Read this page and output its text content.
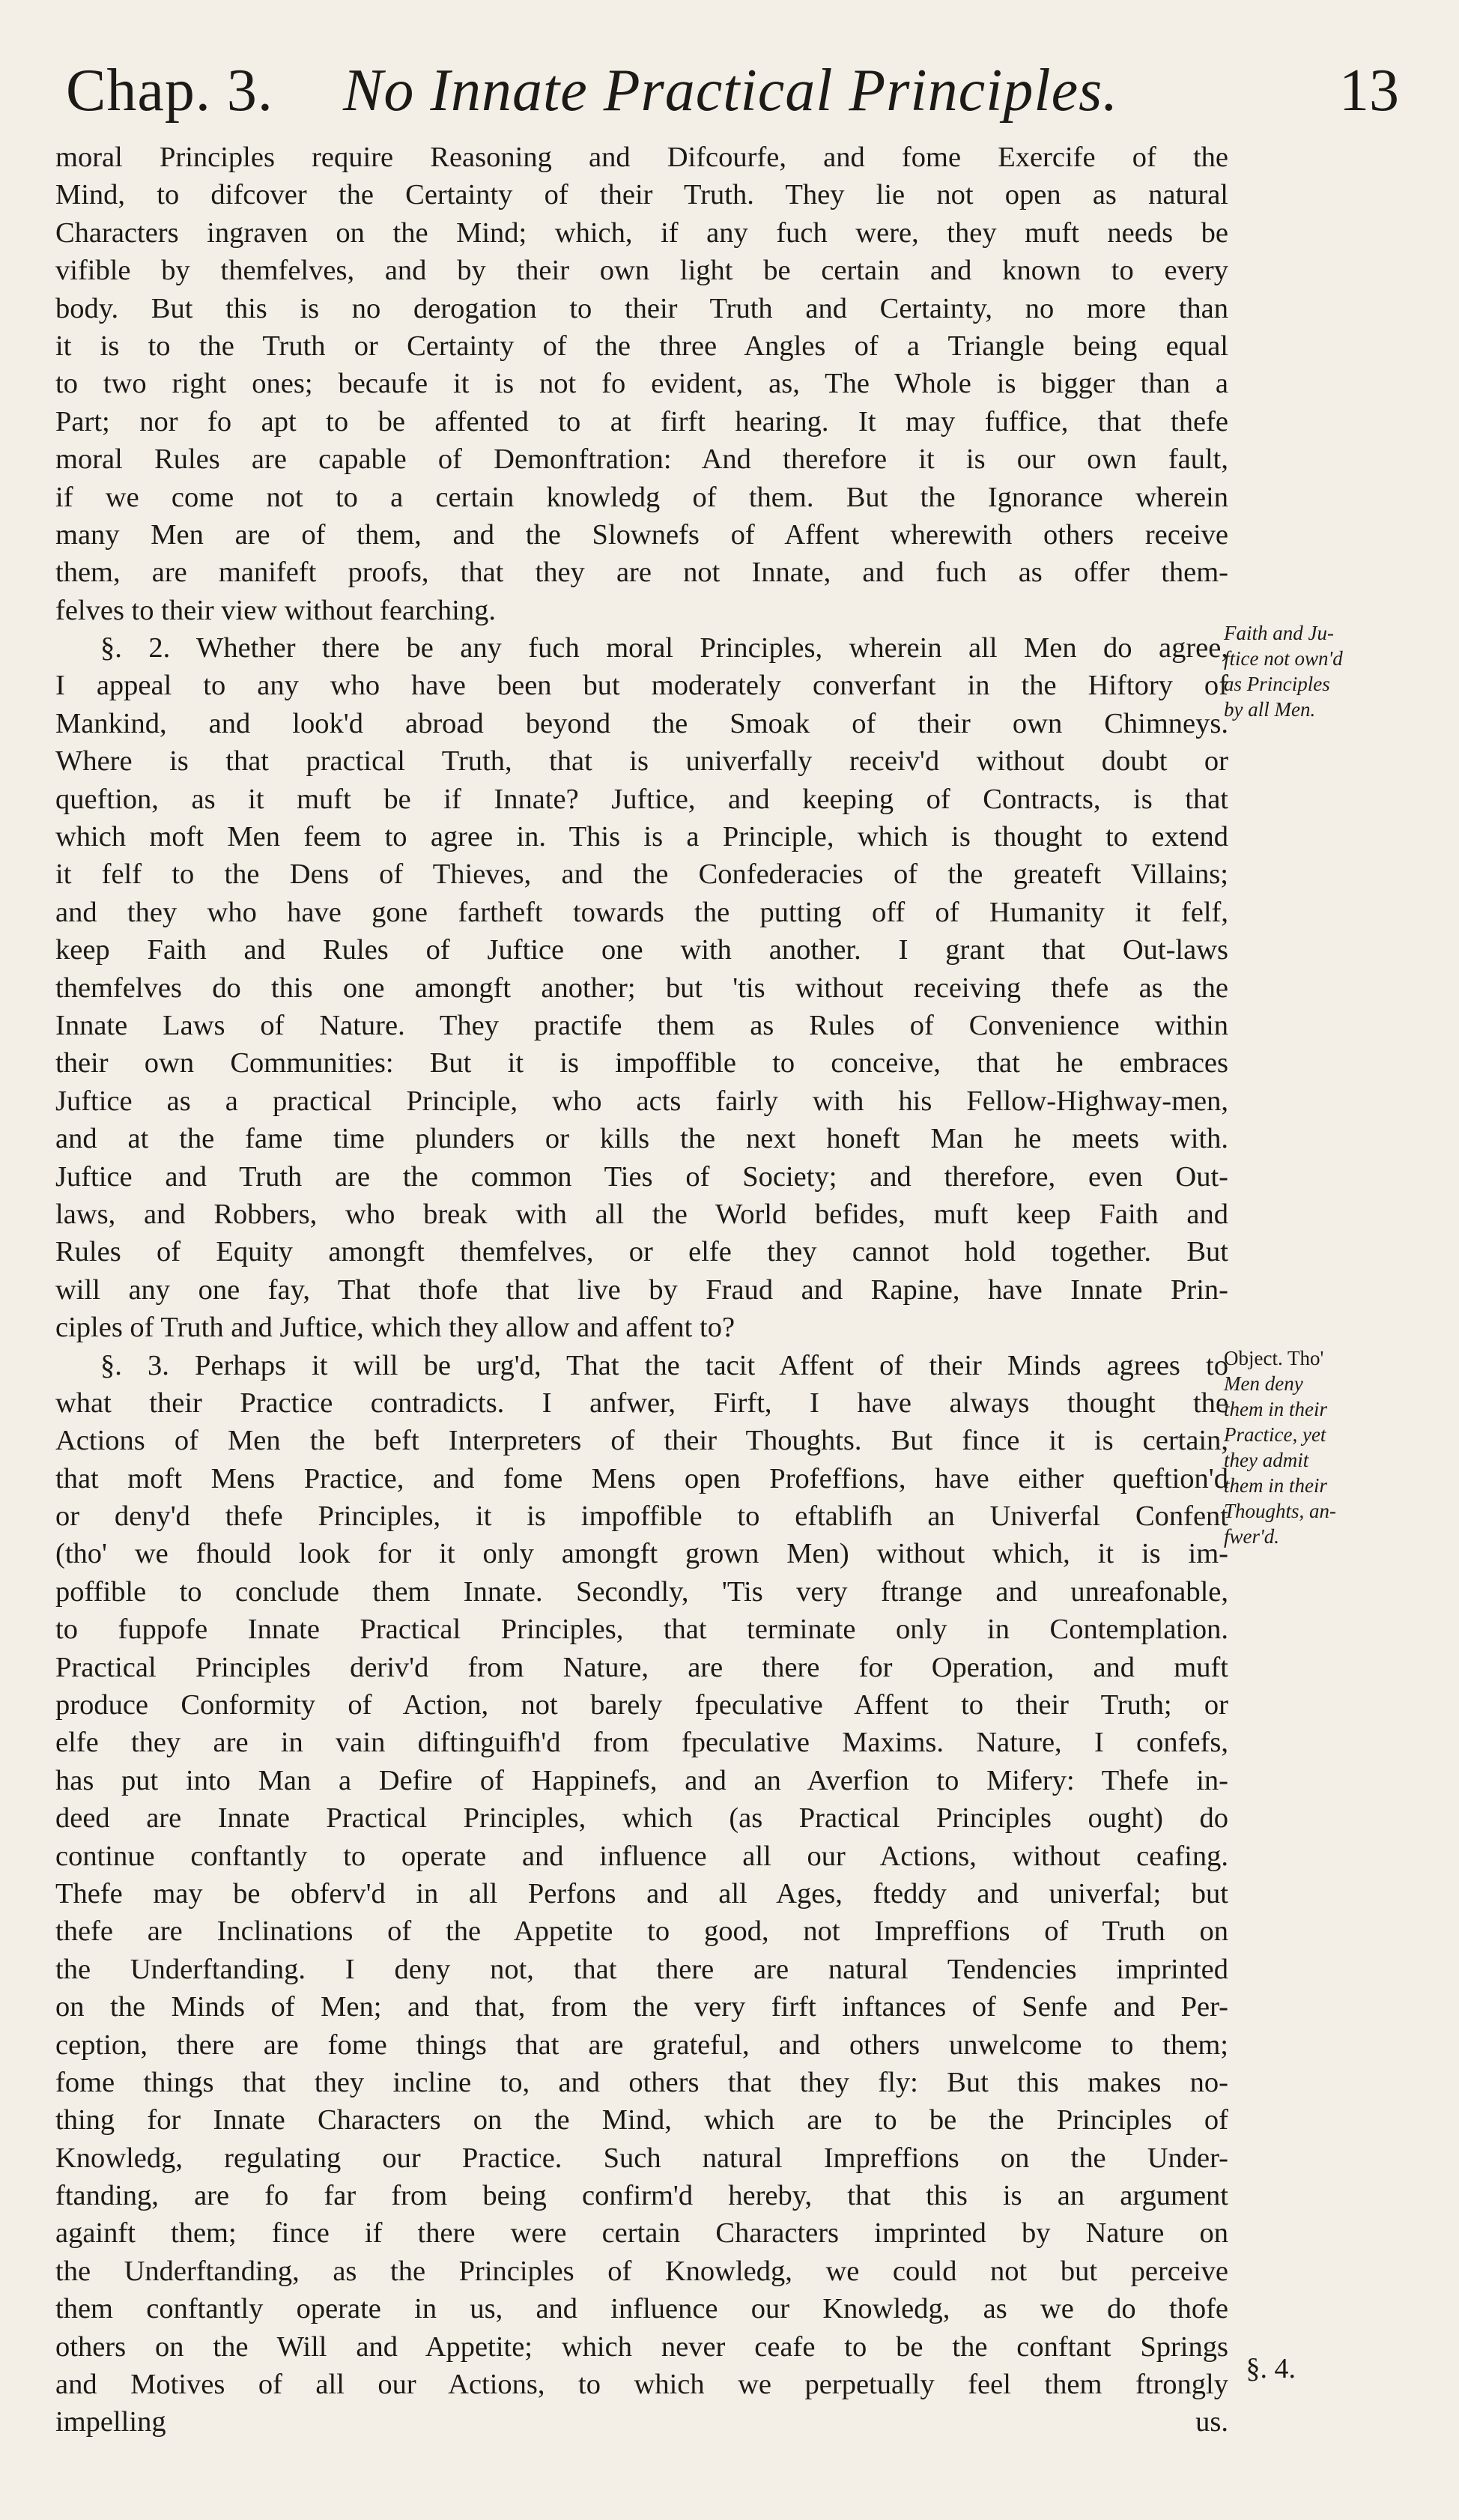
Chap. 3. No Innate Practical Principles.	13
moral Principles require Reasoning and Difcourfe, and fome Exercife of the
Mind, to difcover the Certainty of their Truth. They lie not open as natural
Characters ingraven on the Mind; which, if any fuch were, they muft needs be
vifible by themfelves, and by their own light be certain and known to every
body. But this is no derogation to their Truth and Certainty, no more than
it is to the Truth or Certainty of the three Angles of a Triangle being equal
to two right ones; becaufe it is not fo evident, as, The Whole is bigger than a
Part; nor fo apt to be affented to at firft hearing. It may fuffice, that thefe
moral Rules are capable of Demonftration: And therefore it is our own fault,
if we come not to a certain knowledg of them. But the Ignorance wherein
many Men are of them, and the Slownefs of Affent wherewith others receive
them, are manifeft proofs, that they are not Innate, and fuch as offer them-
felves to their view without fearching.
§. 2. Whether there be any fuch moral Principles, wherein all Men do agree,
I appeal to any who have been but moderately converfant in the Hiftory of
Mankind, and look'd abroad beyond the Smoak of their own Chimneys.
Where is that practical Truth, that is univerfally receiv'd without doubt or
queftion, as it muft be if Innate? Juftice, and keeping of Contracts, is that
which moft Men feem to agree in. This is a Principle, which is thought to extend
it felf to the Dens of Thieves, and the Confederacies of the greateft Villains;
and they who have gone fartheft towards the putting off of Humanity it felf,
keep Faith and Rules of Juftice one with another. I grant that Out-laws
themfelves do this one amongft another; but 'tis without receiving thefe as the
Innate Laws of Nature. They practife them as Rules of Convenience within
their own Communities: But it is impoffible to conceive, that he embraces
Juftice as a practical Principle, who acts fairly with his Fellow-Highway-men,
and at the fame time plunders or kills the next honeft Man he meets with.
Juftice and Truth are the common Ties of Society; and therefore, even Out-
laws, and Robbers, who break with all the World befides, muft keep Faith and
Rules of Equity amongft themfelves, or elfe they cannot hold together. But
will any one fay, That thofe that live by Fraud and Rapine, have Innate Prin-
ciples of Truth and Juftice, which they allow and affent to?
§. 3. Perhaps it will be urg'd, That the tacit Affent of their Minds agrees to
what their Practice contradicts. I anfwer, Firft, I have always thought the
Actions of Men the beft Interpreters of their Thoughts. But fince it is certain,
that moft Mens Practice, and fome Mens open Profeffions, have either queftion'd
or deny'd thefe Principles, it is impoffible to eftablifh an Univerfal Confent
(tho' we fhould look for it only amongft grown Men) without which, it is im-
poffible to conclude them Innate. Secondly, 'Tis very ftrange and unreafonable,
to fuppofe Innate Practical Principles, that terminate only in Contemplation.
Practical Principles deriv'd from Nature, are there for Operation, and muft
produce Conformity of Action, not barely fpeculative Affent to their Truth; or
elfe they are in vain diftinguifh'd from fpeculative Maxims. Nature, I confefs,
has put into Man a Defire of Happinefs, and an Averfion to Mifery: Thefe in-
deed are Innate Practical Principles, which (as Practical Principles ought) do
continue conftantly to operate and influence all our Actions, without ceafing.
Thefe may be obferv'd in all Perfons and all Ages, fteddy and univerfal; but
thefe are Inclinations of the Appetite to good, not Impreffions of Truth on
the Underftanding. I deny not, that there are natural Tendencies imprinted
on the Minds of Men; and that, from the very firft inftances of Senfe and Per-
ception, there are fome things that are grateful, and others unwelcome to them;
fome things that they incline to, and others that they fly: But this makes no-
thing for Innate Characters on the Mind, which are to be the Principles of
Knowledg, regulating our Practice. Such natural Impreffions on the Under-
ftanding, are fo far from being confirm'd hereby, that this is an argument
againft them; fince if there were certain Characters imprinted by Nature on
the Underftanding, as the Principles of Knowledg, we could not but perceive
them conftantly operate in us, and influence our Knowledg, as we do thofe
others on the Will and Appetite; which never ceafe to be the conftant Springs
and Motives of all our Actions, to which we perpetually feel them ftrongly
impelling us.
Faith and Ju-
ftice not own'd
as Principles
by all Men.
Object. Tho'
Men deny
them in their
Practice, yet
they admit
them in their
Thoughts, an-
fwer'd.
§. 4.
